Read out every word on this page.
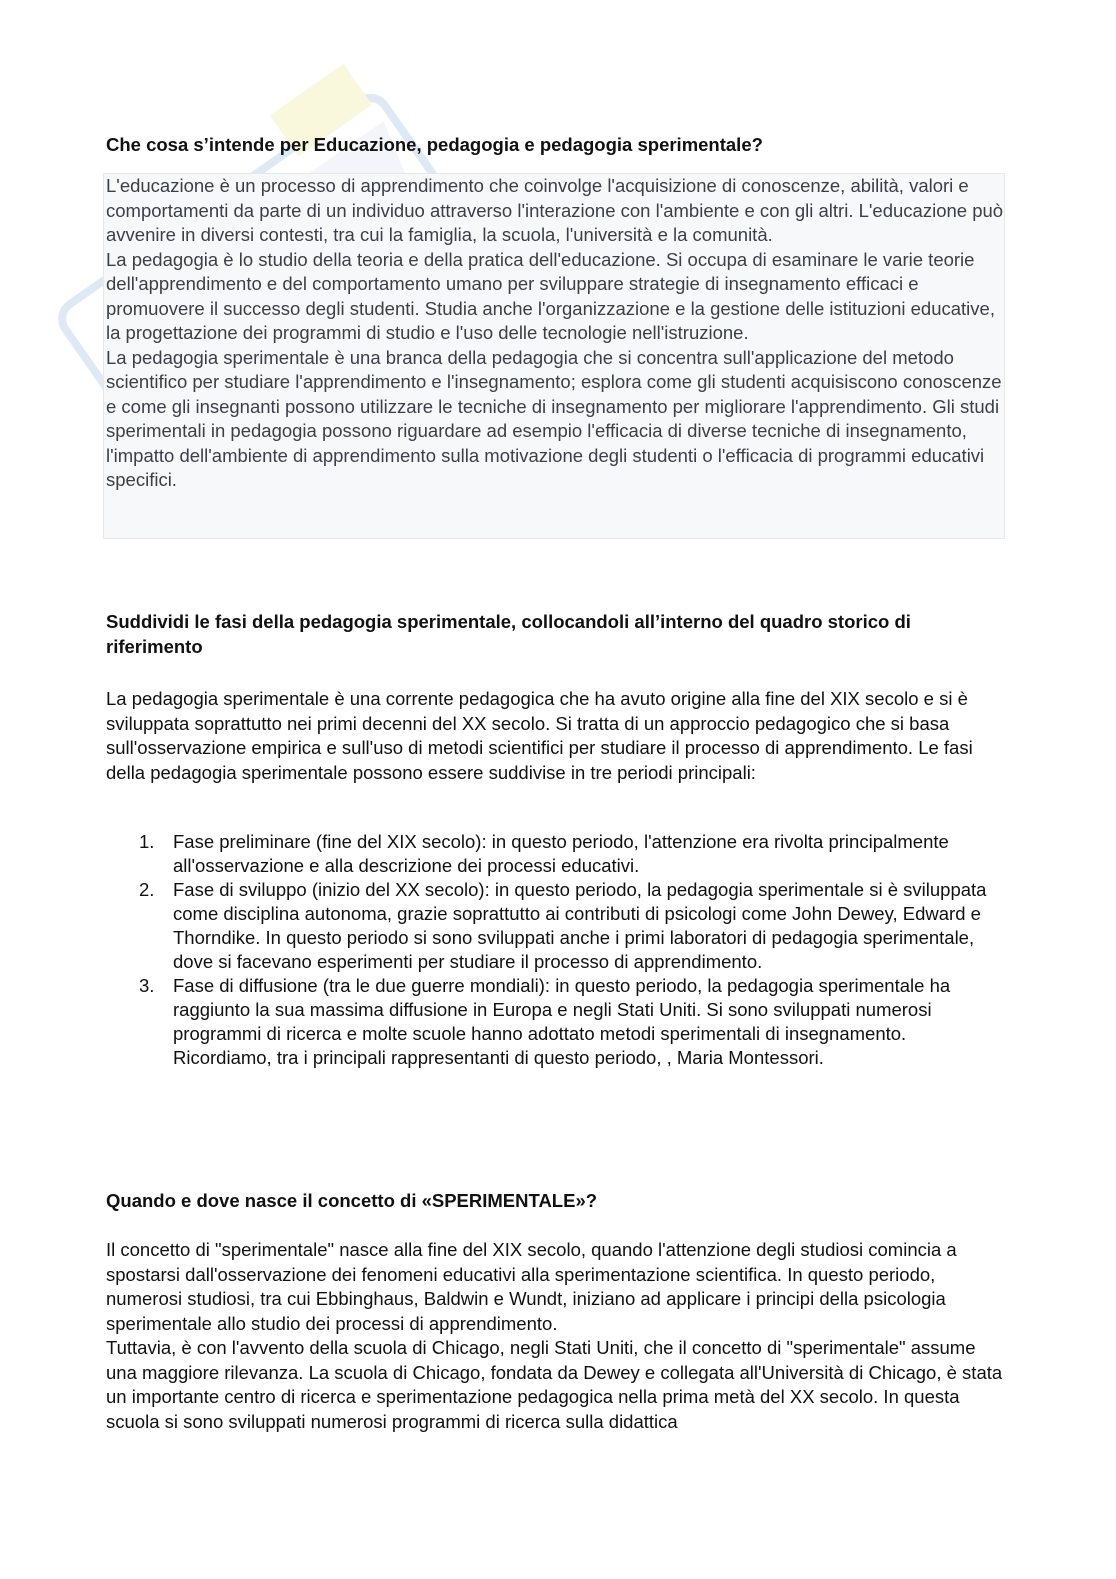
Che cosa s’intende per Educazione, pedagogia e pedagogia sperimentale?

L'educazione è un processo di apprendimento che coinvolge l'acquisizione di conoscenze, abilità, valori e comportamenti da parte di un individuo attraverso l'interazione con l'ambiente e con gli altri. L'educazione può avvenire in diversi contesti, tra cui la famiglia, la scuola, l'università e la comunità.

La pedagogia è lo studio della teoria e della pratica dell'educazione. Si occupa di esaminare le varie teorie dell'apprendimento e del comportamento umano per sviluppare strategie di insegnamento efficaci e promuovere il successo degli studenti. Studia anche l'organizzazione e la gestione delle istituzioni educative, la progettazione dei programmi di studio e l'uso delle tecnologie nell'istruzione.

La pedagogia sperimentale è una branca della pedagogia che si concentra sull'applicazione del metodo scientifico per studiare l'apprendimento e l'insegnamento; esplora come gli studenti acquisiscono conoscenze e come gli insegnanti possono utilizzare le tecniche di insegnamento per migliorare l'apprendimento. Gli studi sperimentali in pedagogia possono riguardare ad esempio l'efficacia di diverse tecniche di insegnamento, l'impatto dell'ambiente di apprendimento sulla motivazione degli studenti o l'efficacia di programmi educativi specifici.

Suddividi le fasi della pedagogia sperimentale, collocandoli all’interno del quadro storico di riferimento

La pedagogia sperimentale è una corrente pedagogica che ha avuto origine alla fine del XIX secolo e si è sviluppata soprattutto nei primi decenni del XX secolo. Si tratta di un approccio pedagogico che si basa sull'osservazione empirica e sull'uso di metodi scientifici per studiare il processo di apprendimento. Le fasi della pedagogia sperimentale possono essere suddivise in tre periodi principali:

1. Fase preliminare (fine del XIX secolo): in questo periodo, l'attenzione era rivolta principalmente all'osservazione e alla descrizione dei processi educativi.
2. Fase di sviluppo (inizio del XX secolo): in questo periodo, la pedagogia sperimentale si è sviluppata come disciplina autonoma, grazie soprattutto ai contributi di psicologi come John Dewey, Edward e Thorndike. In questo periodo si sono sviluppati anche i primi laboratori di pedagogia sperimentale, dove si facevano esperimenti per studiare il processo di apprendimento.
3. Fase di diffusione (tra le due guerre mondiali): in questo periodo, la pedagogia sperimentale ha raggiunto la sua massima diffusione in Europa e negli Stati Uniti. Si sono sviluppati numerosi programmi di ricerca e molte scuole hanno adottato metodi sperimentali di insegnamento. Ricordiamo, tra i principali rappresentanti di questo periodo, , Maria Montessori.
Quando e dove nasce il concetto di «SPERIMENTALE»?

Il concetto di "sperimentale" nasce alla fine del XIX secolo, quando l'attenzione degli studiosi comincia a spostarsi dall'osservazione dei fenomeni educativi alla sperimentazione scientifica. In questo periodo, numerosi studiosi, tra cui Ebbinghaus, Baldwin e Wundt, iniziano ad applicare i principi della psicologia sperimentale allo studio dei processi di apprendimento.

Tuttavia, è con l'avvento della scuola di Chicago, negli Stati Uniti, che il concetto di "sperimentale" assume una maggiore rilevanza. La scuola di Chicago, fondata da Dewey e collegata all'Università di Chicago, è stata un importante centro di ricerca e sperimentazione pedagogica nella prima metà del XX secolo. In questa scuola si sono sviluppati numerosi programmi di ricerca sulla didattica
